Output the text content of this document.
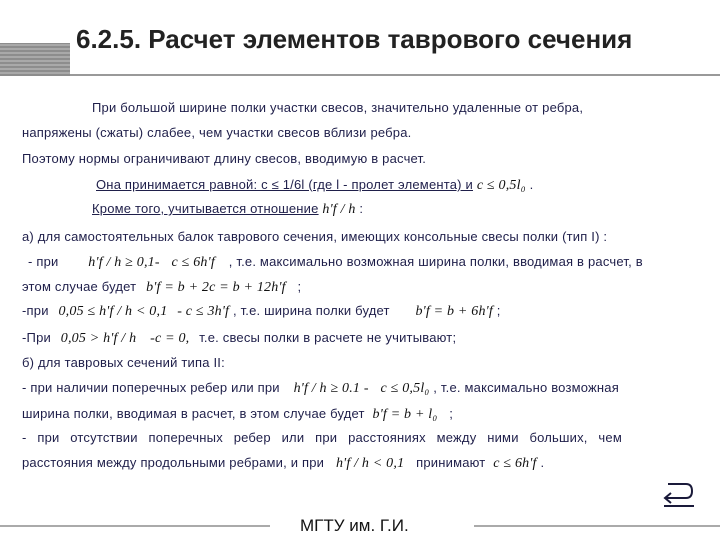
6.2.5. Расчет элементов таврового сечения
При большой ширине полки участки свесов, значительно удаленные от ребра,
напряжены (сжаты) слабее, чем участки свесов вблизи ребра.
Поэтому нормы ограничивают длину свесов, вводимую в расчет.
Она принимается равной: c ≤ 1/6l (где l - пролет элемента) и c ≤ 0,5l₀ .
Кроме того, учитывается отношение h'f / h :
а) для самостоятельных балок таврового сечения, имеющих консольные свесы полки (тип I) :
- при h'f / h ≥ 0,1- c ≤ 6h'f , т.е. максимально возможная ширина полки, вводимая в расчет, в
этом случае будет b'f = b + 2c = b + 12h'f ;
-при 0,05 ≤ h'f / h < 0,1 - c ≤ 3h'f , т.е. ширина полки будет b'f = b + 6h'f ;
-При 0,05 > h'f / h -c = 0, т.е. свесы полки в расчете не учитывают;
б) для тавровых сечений типа II:
- при наличии поперечных ребер или при h'f / h ≥ 0.1 - c ≤ 0,5l₀ , т.е. максимально возможная
ширина полки, вводимая в расчет, в этом случае будет b'f = b + l₀ ;
- при отсутствии поперечных ребер или при расстояниях между ними больших, чем
расстояния между продольными ребрами, и при h'f / h < 0,1 принимают c ≤ 6h'f .
МГТУ им. Г.И.
